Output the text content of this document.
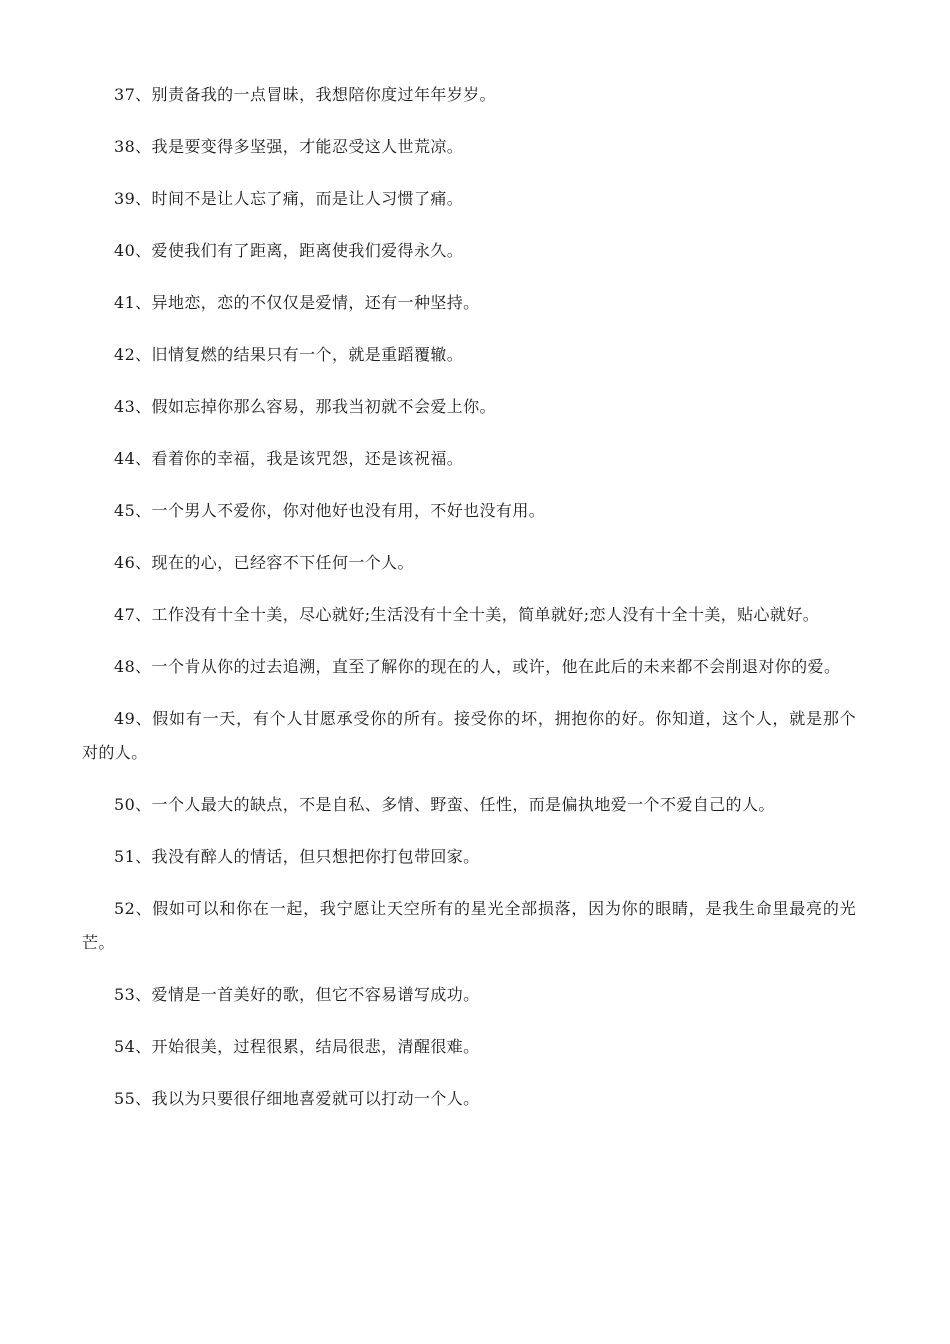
37、别责备我的一点冒昧，我想陪你度过年年岁岁。

38、我是要变得多坚强，才能忍受这人世荒凉。

39、时间不是让人忘了痛，而是让人习惯了痛。

40、爱使我们有了距离，距离使我们爱得永久。

41、异地恋，恋的不仅仅是爱情，还有一种坚持。

42、旧情复燃的结果只有一个，就是重蹈覆辙。

43、假如忘掉你那么容易，那我当初就不会爱上你。

44、看着你的幸福，我是该咒怨，还是该祝福。

45、一个男人不爱你，你对他好也没有用，不好也没有用。

46、现在的心，已经容不下任何一个人。

47、工作没有十全十美，尽心就好;生活没有十全十美，简单就好;恋人没有十全十美，贴心就好。

48、一个肯从你的过去追溯，直至了解你的现在的人，或许，他在此后的未来都不会削退对你的爱。

49、假如有一天，有个人甘愿承受你的所有。接受你的坏，拥抱你的好。你知道，这个人，就是那个对的人。

50、一个人最大的缺点，不是自私、多情、野蛮、任性，而是偏执地爱一个不爱自己的人。

51、我没有醉人的情话，但只想把你打包带回家。

52、假如可以和你在一起，我宁愿让天空所有的星光全部损落，因为你的眼睛，是我生命里最亮的光芒。

53、爱情是一首美好的歌，但它不容易谱写成功。

54、开始很美，过程很累，结局很悲，清醒很难。

55、我以为只要很仔细地喜爱就可以打动一个人。
